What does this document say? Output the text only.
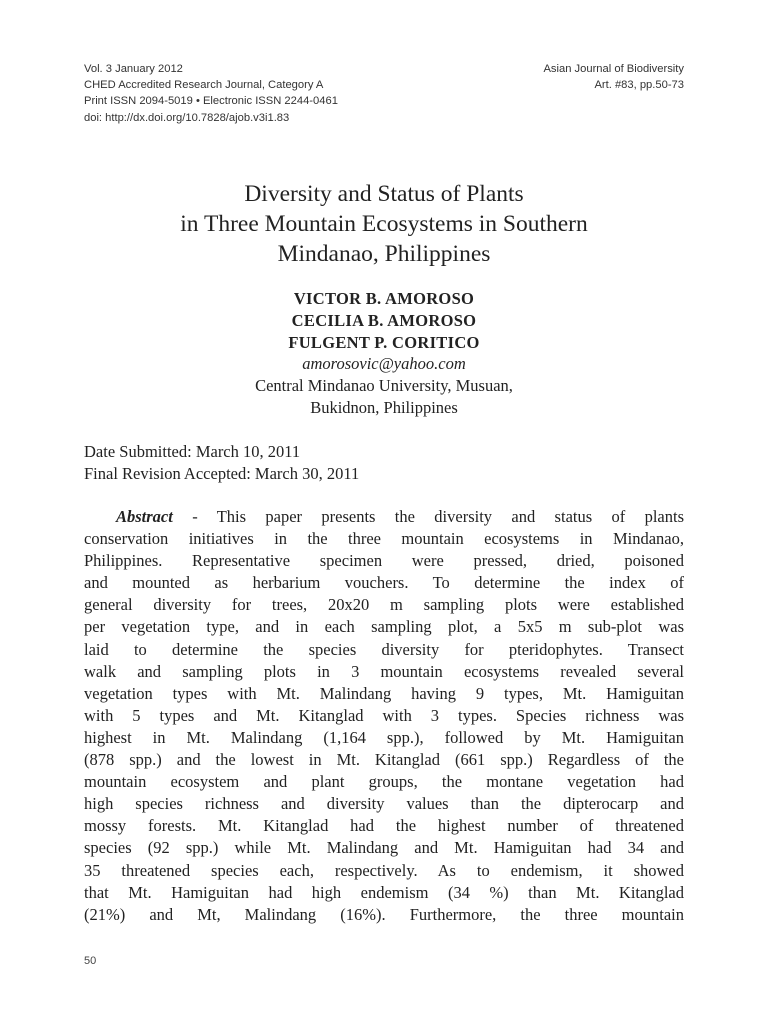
Vol. 3 January 2012
CHED Accredited Research Journal, Category A
Print ISSN 2094-5019 • Electronic ISSN 2244-0461
doi: http://dx.doi.org/10.7828/ajob.v3i1.83
Asian Journal of Biodiversity
Art. #83, pp.50-73
Diversity and Status of Plants
in Three Mountain Ecosystems in Southern
Mindanao, Philippines
VICTOR B. AMOROSO
CECILIA B. AMOROSO
FULGENT P. CORITICO
amorosovic@yahoo.com
Central Mindanao University, Musuan,
Bukidnon, Philippines
Date Submitted: March 10, 2011
Final Revision Accepted: March 30, 2011
Abstract - This paper presents the diversity and status of plants
conservation initiatives in the three mountain ecosystems in Mindanao,
Philippines. Representative specimen were pressed, dried, poisoned
and mounted as herbarium vouchers. To determine the index of
general diversity for trees, 20x20 m sampling plots were established
per vegetation type, and in each sampling plot, a 5x5 m sub-plot was
laid to determine the species diversity for pteridophytes. Transect
walk and sampling plots in 3 mountain ecosystems revealed several
vegetation types with Mt. Malindang having 9 types, Mt. Hamiguitan
with 5 types and Mt. Kitanglad with 3 types. Species richness was
highest in Mt. Malindang (1,164 spp.), followed by Mt. Hamiguitan
(878 spp.) and the lowest in Mt. Kitanglad (661 spp.) Regardless of the
mountain ecosystem and plant groups, the montane vegetation had
high species richness and diversity values than the dipterocarp and
mossy forests. Mt. Kitanglad had the highest number of threatened
species (92 spp.) while Mt. Malindang and Mt. Hamiguitan had 34 and
35 threatened species each, respectively. As to endemism, it showed
that Mt. Hamiguitan had high endemism (34 %) than Mt. Kitanglad
(21%) and Mt, Malindang (16%). Furthermore, the three mountain
50
